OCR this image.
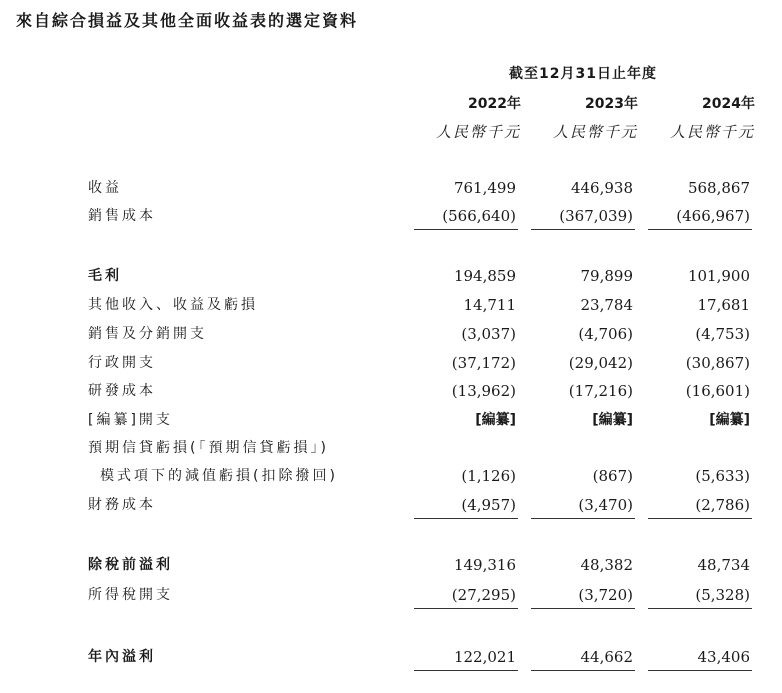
來自綜合損益及其他全面收益表的選定資料
截至12月31日止年度
2022年	2023年	2024年
人民幣千元	人民幣千元	人民幣千元
收益	761,499	446,938	568,867
銷售成本	(566,640)	(367,039)	(466,967)
毛利	194,859	79,899	101,900
其他收入、收益及虧損	14,711	23,784	17,681
銷售及分銷開支	(3,037)	(4,706)	(4,753)
行政開支	(37,172)	(29,042)	(30,867)
研發成本	(13,962)	(17,216)	(16,601)
[編纂]開支	[編纂]	[編纂]	[編纂]
預期信貸虧損(「預期信貸虧損」)
模式項下的減值虧損(扣除撥回)	(1,126)	(867)	(5,633)
財務成本	(4,957)	(3,470)	(2,786)
除稅前溢利	149,316	48,382	48,734
所得稅開支	(27,295)	(3,720)	(5,328)
年內溢利	122,021	44,662	43,406
